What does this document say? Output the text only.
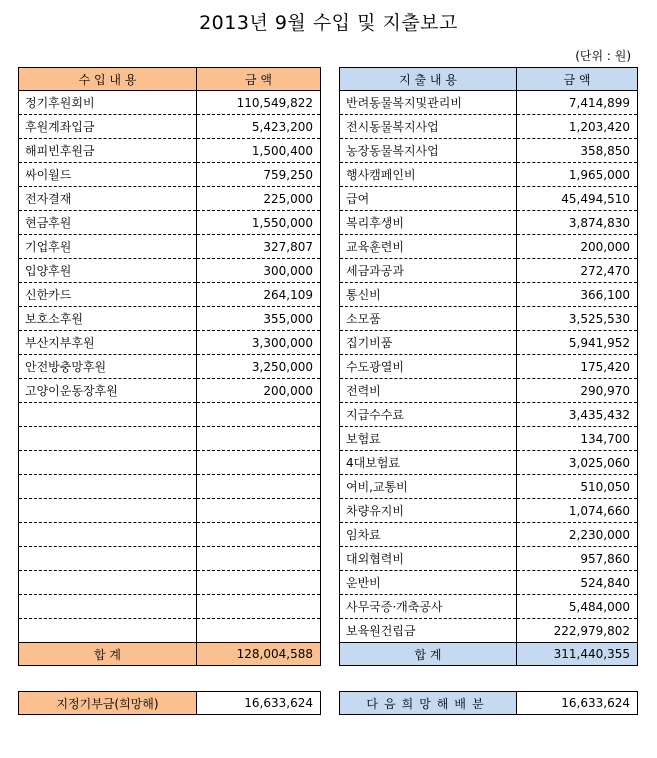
2013년 9월 수입 및 지출보고
(단위 : 원)
수 입 내 용	금 액
정기후원회비	110,549,822
후원계좌입금	5,423,200
해피빈후원금	1,500,400
싸이월드	759,250
전자결재	225,000
현금후원	1,550,000
기업후원	327,807
입양후원	300,000
신한카드	264,109
보호소후원	355,000
부산지부후원	3,300,000
안전방충망후원	3,250,000
고양이운동장후원	200,000

합 계	128,004,588
지 출 내 용	금 액
반려동물복지및관리비	7,414,899
전시동물복지사업	1,203,420
농장동물복지사업	358,850
행사캠페인비	1,965,000
급여	45,494,510
복리후생비	3,874,830
교육훈련비	200,000
세금과공과	272,470
통신비	366,100
소모품	3,525,530
집기비품	5,941,952
수도광열비	175,420
전력비	290,970
지급수수료	3,435,432
보험료	134,700
4대보험료	3,025,060
여비,교통비	510,050
차량유지비	1,074,660
임차료	2,230,000
대외협력비	957,860
운반비	524,840
사무국증·개축공사	5,484,000
보육원건립금	222,979,802
합 계	311,440,355
지정기부금(희망해)	16,633,624	다음희망해배분	16,633,624
